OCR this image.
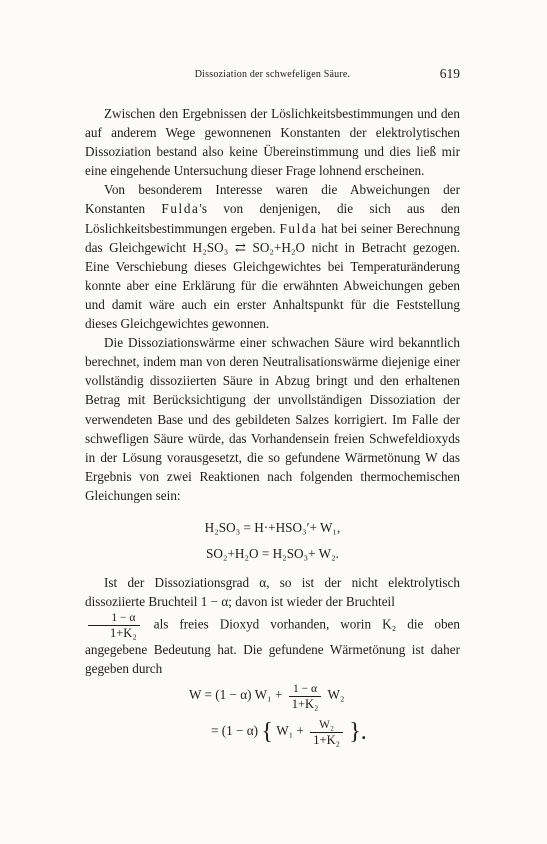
Dissoziation der schwefeligen Säure.	619

Zwischen den Ergebnissen der Löslichkeitsbestimmungen und den auf anderem Wege gewonnenen Konstanten der elektrolytischen Dissoziation bestand also keine Übereinstimmung und dies ließ mir eine eingehende Untersuchung dieser Frage lohnend erscheinen.

Von besonderem Interesse waren die Abweichungen der Konstanten Fulda's von denjenigen, die sich aus den Löslichkeitsbestimmungen ergeben. Fulda hat bei seiner Berechnung das Gleichgewicht H₂SO₃ ⇄ SO₂+H₂O nicht in Betracht gezogen. Eine Verschiebung dieses Gleichgewichtes bei Temperaturänderung konnte aber eine Erklärung für die erwähnten Abweichungen geben und damit wäre auch ein erster Anhaltspunkt für die Feststellung dieses Gleichgewichtes gewonnen.

Die Dissoziationswärme einer schwachen Säure wird bekanntlich berechnet, indem man von deren Neutralisationswärme diejenige einer vollständig dissoziierten Säure in Abzug bringt und den erhaltenen Betrag mit Berücksichtigung der unvollständigen Dissoziation der verwendeten Base und des gebildeten Salzes korrigiert. Im Falle der schwefligen Säure würde, das Vorhandensein freien Schwefeldioxyds in der Lösung vorausgesetzt, die so gefundene Wärmetönung W das Ergebnis von zwei Reaktionen nach folgenden thermochemischen Gleichungen sein:

H₂SO₃ = H·+HSO₃′+ W₁,
SO₂+H₂O = H₂SO₃+ W₂.

Ist der Dissoziationsgrad α, so ist der nicht elektrolytisch dissoziierte Bruchteil 1 − α; davon ist wieder der Bruchteil

$\frac{1 - \alpha}{\text{1+K₂}}$ als freies Dioxyd vorhanden, worin K₂ die oben angegebene Bedeutung hat. Die gefundene Wärmetönung ist daher gegeben durch

W = (1 − α) $W_1 + \frac{1 - \alpha}{\text{1+K₂}} W_2$
= (1 − α) { $W_1 + \frac{\text{W₂}}{\text{1+K₂}}$ }.
